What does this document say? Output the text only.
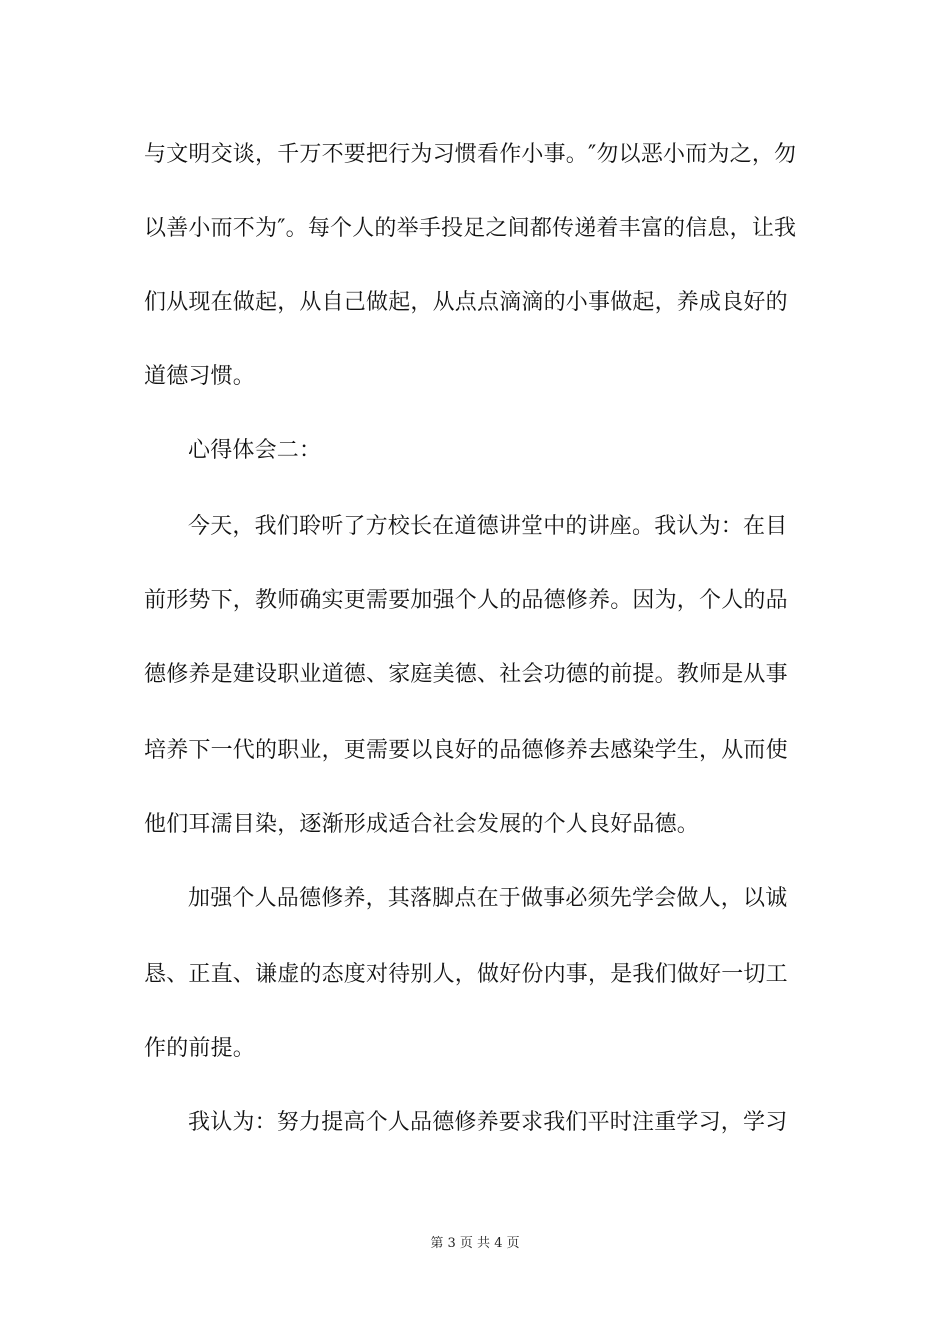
与文明交谈，千万不要把行为习惯看作小事。″勿以恶小而为之，勿
以善小而不为″。每个人的举手投足之间都传递着丰富的信息，让我
们从现在做起，从自己做起，从点点滴滴的小事做起，养成良好的
道德习惯。
心得体会二：
今天，我们聆听了方校长在道德讲堂中的讲座。我认为：在目
前形势下，教师确实更需要加强个人的品德修养。因为，个人的品
德修养是建设职业道德、家庭美德、社会功德的前提。教师是从事
培养下一代的职业，更需要以良好的品德修养去感染学生，从而使
他们耳濡目染，逐渐形成适合社会发展的个人良好品德。
加强个人品德修养，其落脚点在于做事必须先学会做人，以诚
恳、正直、谦虚的态度对待别人，做好份内事，是我们做好一切工
作的前提。
我认为：努力提高个人品德修养要求我们平时注重学习，学习
第 3 页 共 4 页
